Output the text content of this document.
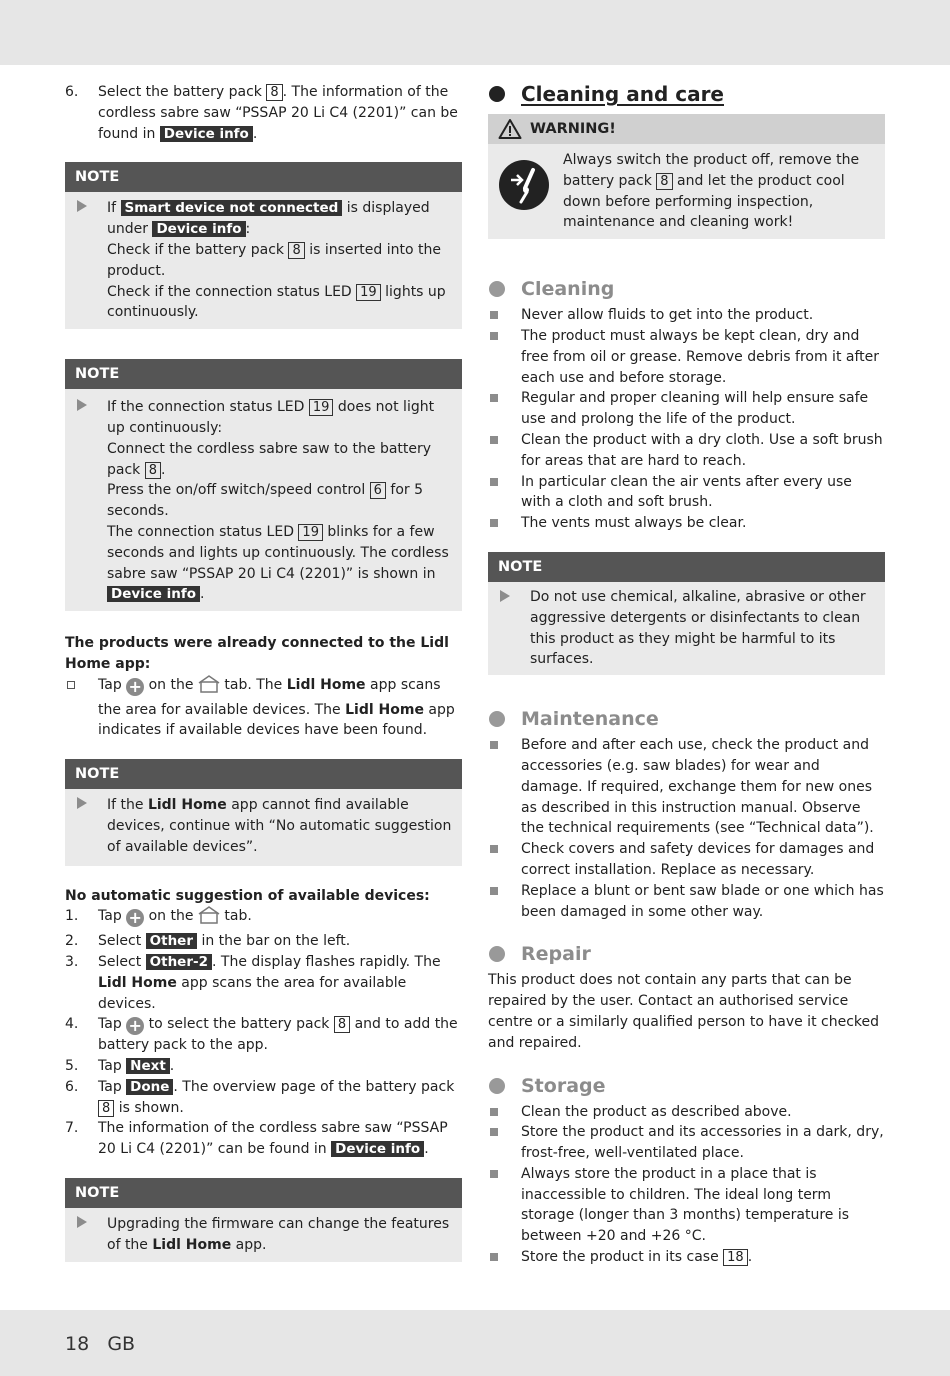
6. Select the battery pack 8 . The information of the cordless sabre saw “PSSAP 20 Li C4 (2201)” can be found in Device info .
NOTE
If Smart device not connected is displayed under Device info :
Check if the battery pack 8 is inserted into the product.
Check if the connection status LED 19 lights up continuously.
NOTE
If the connection status LED 19 does not light up continuously:
Connect the cordless sabre saw to the battery pack 8 .
Press the on/off switch/speed control 6 for 5 seconds.
The connection status LED 19 blinks for a few seconds and lights up continuously. The cordless sabre saw “PSSAP 20 Li C4 (2201)” is shown in Device info .
The products were already connected to the Lidl Home app:
Tap + on the  tab. The Lidl Home app scans the area for available devices. The Lidl Home app indicates if available devices have been found.
NOTE
If the Lidl Home app cannot find available devices, continue with “No automatic suggestion of available devices”.
No automatic suggestion of available devices:
1. Tap + on the  tab.
2. Select Other in the bar on the left.
3. Select Other-2 . The display flashes rapidly. The Lidl Home app scans the area for available devices.
4. Tap + to select the battery pack 8 and to add the battery pack to the app.
5. Tap Next .
6. Tap Done . The overview page of the battery pack 8 is shown.
7. The information of the cordless sabre saw “PSSAP 20 Li C4 (2201)” can be found in Device info .
NOTE
Upgrading the firmware can change the features of the Lidl Home app.
Cleaning and care
WARNING!
Always switch the product off, remove the battery pack 8 and let the product cool down before performing inspection, maintenance and cleaning work!
Cleaning
Never allow fluids to get into the product.
The product must always be kept clean, dry and free from oil or grease. Remove debris from it after each use and before storage.
Regular and proper cleaning will help ensure safe use and prolong the life of the product.
Clean the product with a dry cloth. Use a soft brush for areas that are hard to reach.
In particular clean the air vents after every use with a cloth and soft brush.
The vents must always be clear.
NOTE
Do not use chemical, alkaline, abrasive or other aggressive detergents or disinfectants to clean this product as they might be harmful to its surfaces.
Maintenance
Before and after each use, check the product and accessories (e.g. saw blades) for wear and damage. If required, exchange them for new ones as described in this instruction manual. Observe the technical requirements (see “Technical data”).
Check covers and safety devices for damages and correct installation. Replace as necessary.
Replace a blunt or bent saw blade or one which has been damaged in some other way.
Repair
This product does not contain any parts that can be repaired by the user. Contact an authorised service centre or a similarly qualified person to have it checked and repaired.
Storage
Clean the product as described above.
Store the product and its accessories in a dark, dry, frost-free, well-ventilated place.
Always store the product in a place that is inaccessible to children. The ideal long term storage (longer than 3 months) temperature is between +20 and +26 °C.
Store the product in its case 18 .
18 GB
